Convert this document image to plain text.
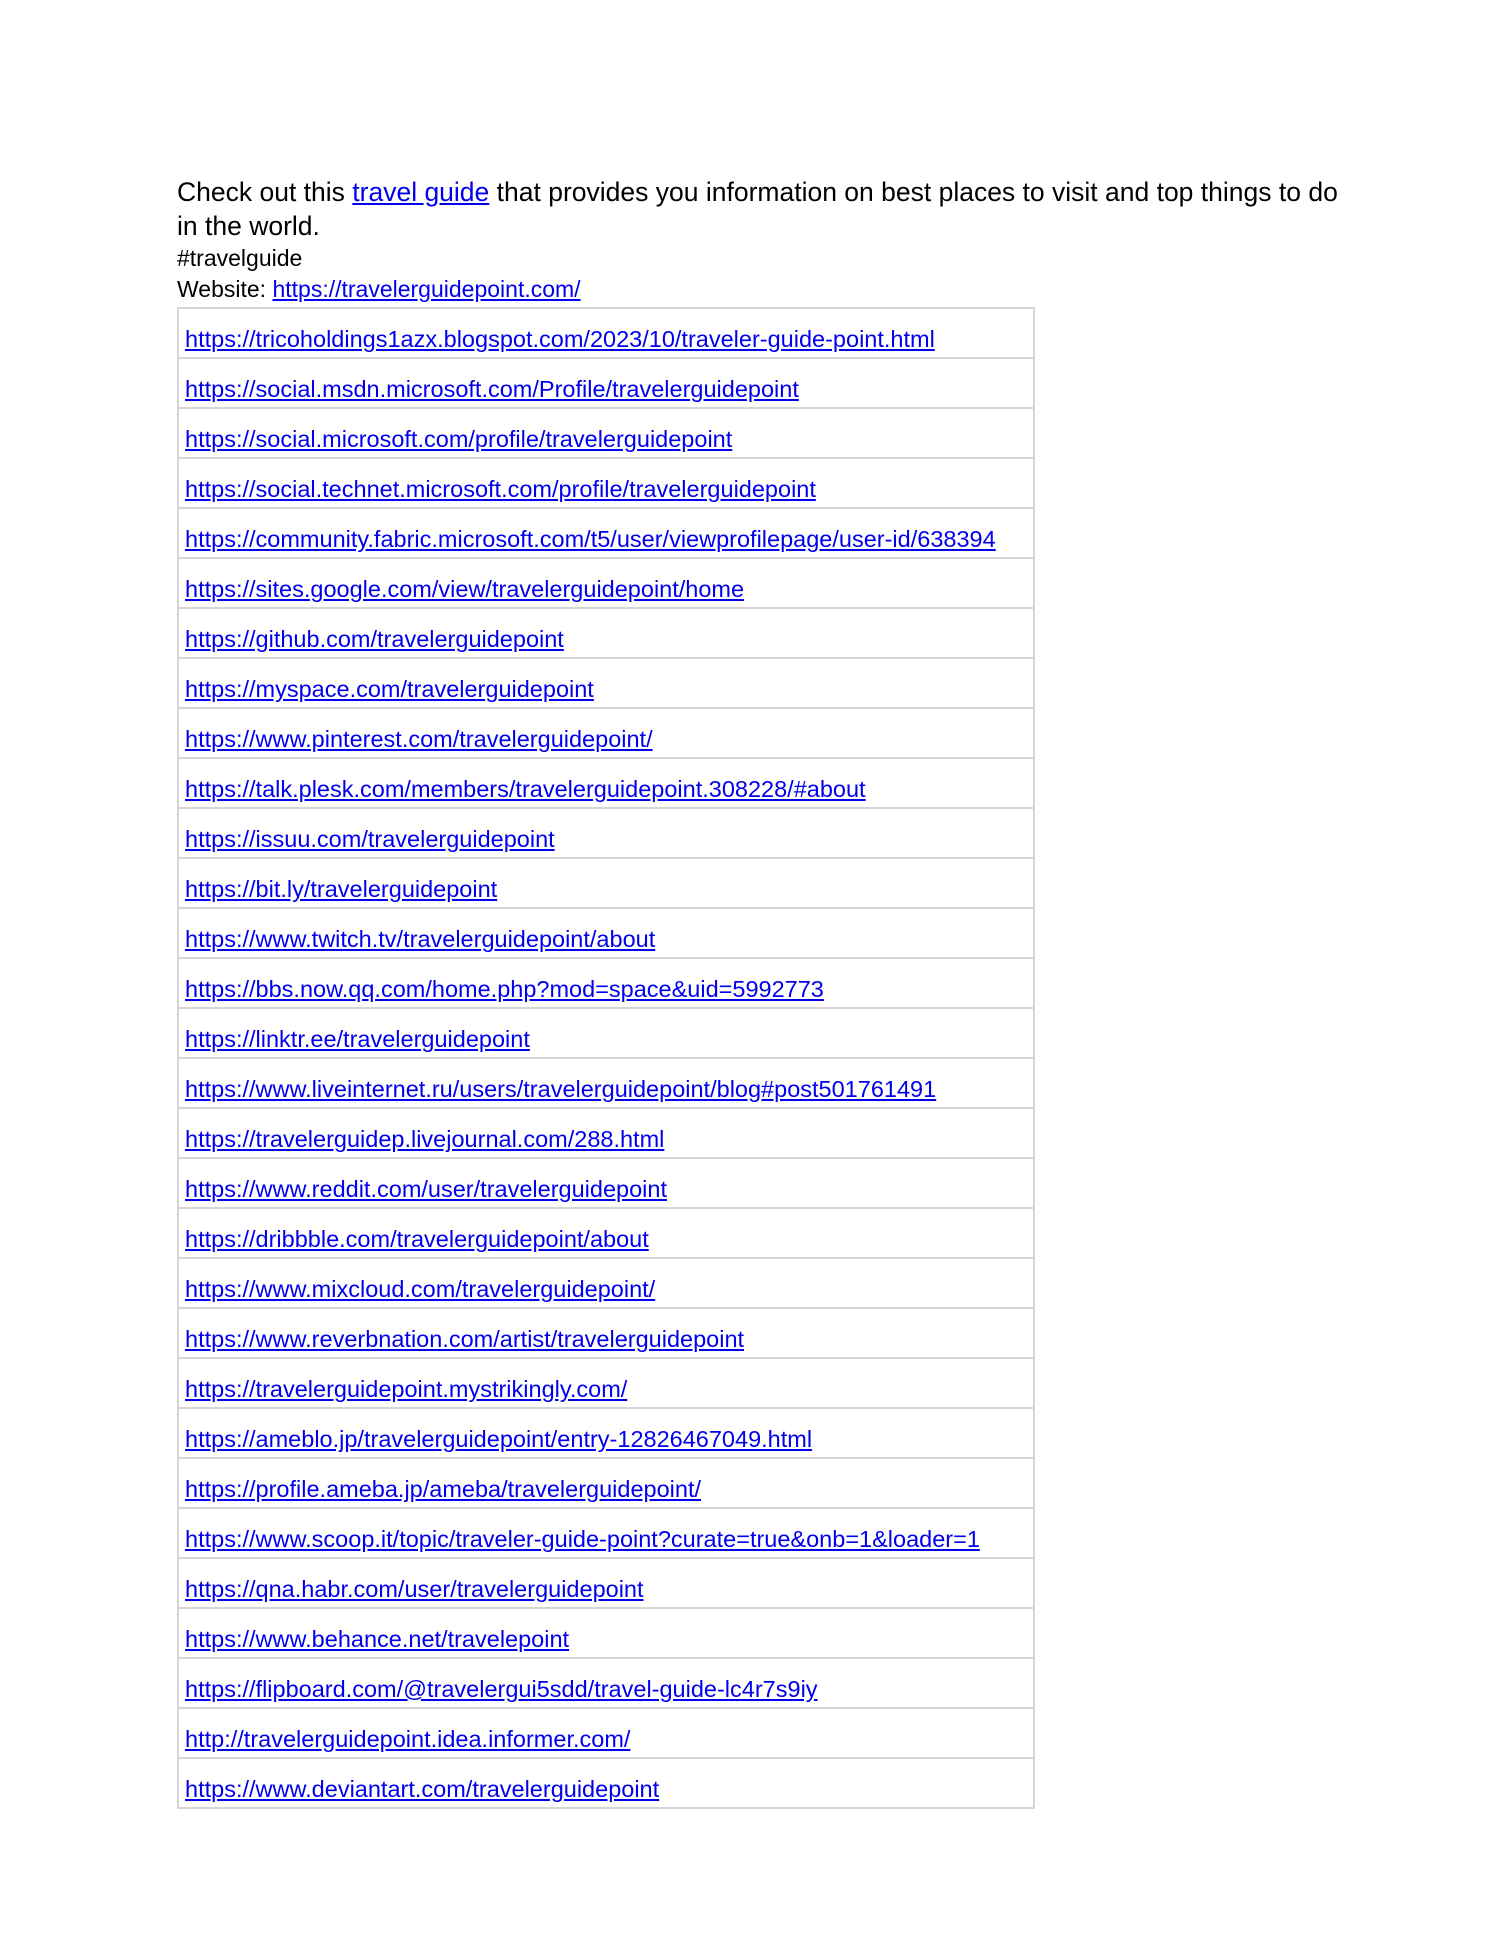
Check out this travel guide that provides you information on best places to visit and top things to do in the world.

#travelguide

Website: https://travelerguidepoint.com/

https://tricoholdings1azx.blogspot.com/2023/10/traveler-guide-point.html
https://social.msdn.microsoft.com/Profile/travelerguidepoint
https://social.microsoft.com/profile/travelerguidepoint
https://social.technet.microsoft.com/profile/travelerguidepoint
https://community.fabric.microsoft.com/t5/user/viewprofilepage/user-id/638394
https://sites.google.com/view/travelerguidepoint/home
https://github.com/travelerguidepoint
https://myspace.com/travelerguidepoint
https://www.pinterest.com/travelerguidepoint/
https://talk.plesk.com/members/travelerguidepoint.308228/#about
https://issuu.com/travelerguidepoint
https://bit.ly/travelerguidepoint
https://www.twitch.tv/travelerguidepoint/about
https://bbs.now.qq.com/home.php?mod=space&uid=5992773
https://linktr.ee/travelerguidepoint
https://www.liveinternet.ru/users/travelerguidepoint/blog#post501761491
https://travelerguidep.livejournal.com/288.html
https://www.reddit.com/user/travelerguidepoint
https://dribbble.com/travelerguidepoint/about
https://www.mixcloud.com/travelerguidepoint/
https://www.reverbnation.com/artist/travelerguidepoint
https://travelerguidepoint.mystrikingly.com/
https://ameblo.jp/travelerguidepoint/entry-12826467049.html
https://profile.ameba.jp/ameba/travelerguidepoint/
https://www.scoop.it/topic/traveler-guide-point?curate=true&onb=1&loader=1
https://qna.habr.com/user/travelerguidepoint
https://www.behance.net/travelepoint
https://flipboard.com/@travelergui5sdd/travel-guide-lc4r7s9iy
http://travelerguidepoint.idea.informer.com/
https://www.deviantart.com/travelerguidepoint
